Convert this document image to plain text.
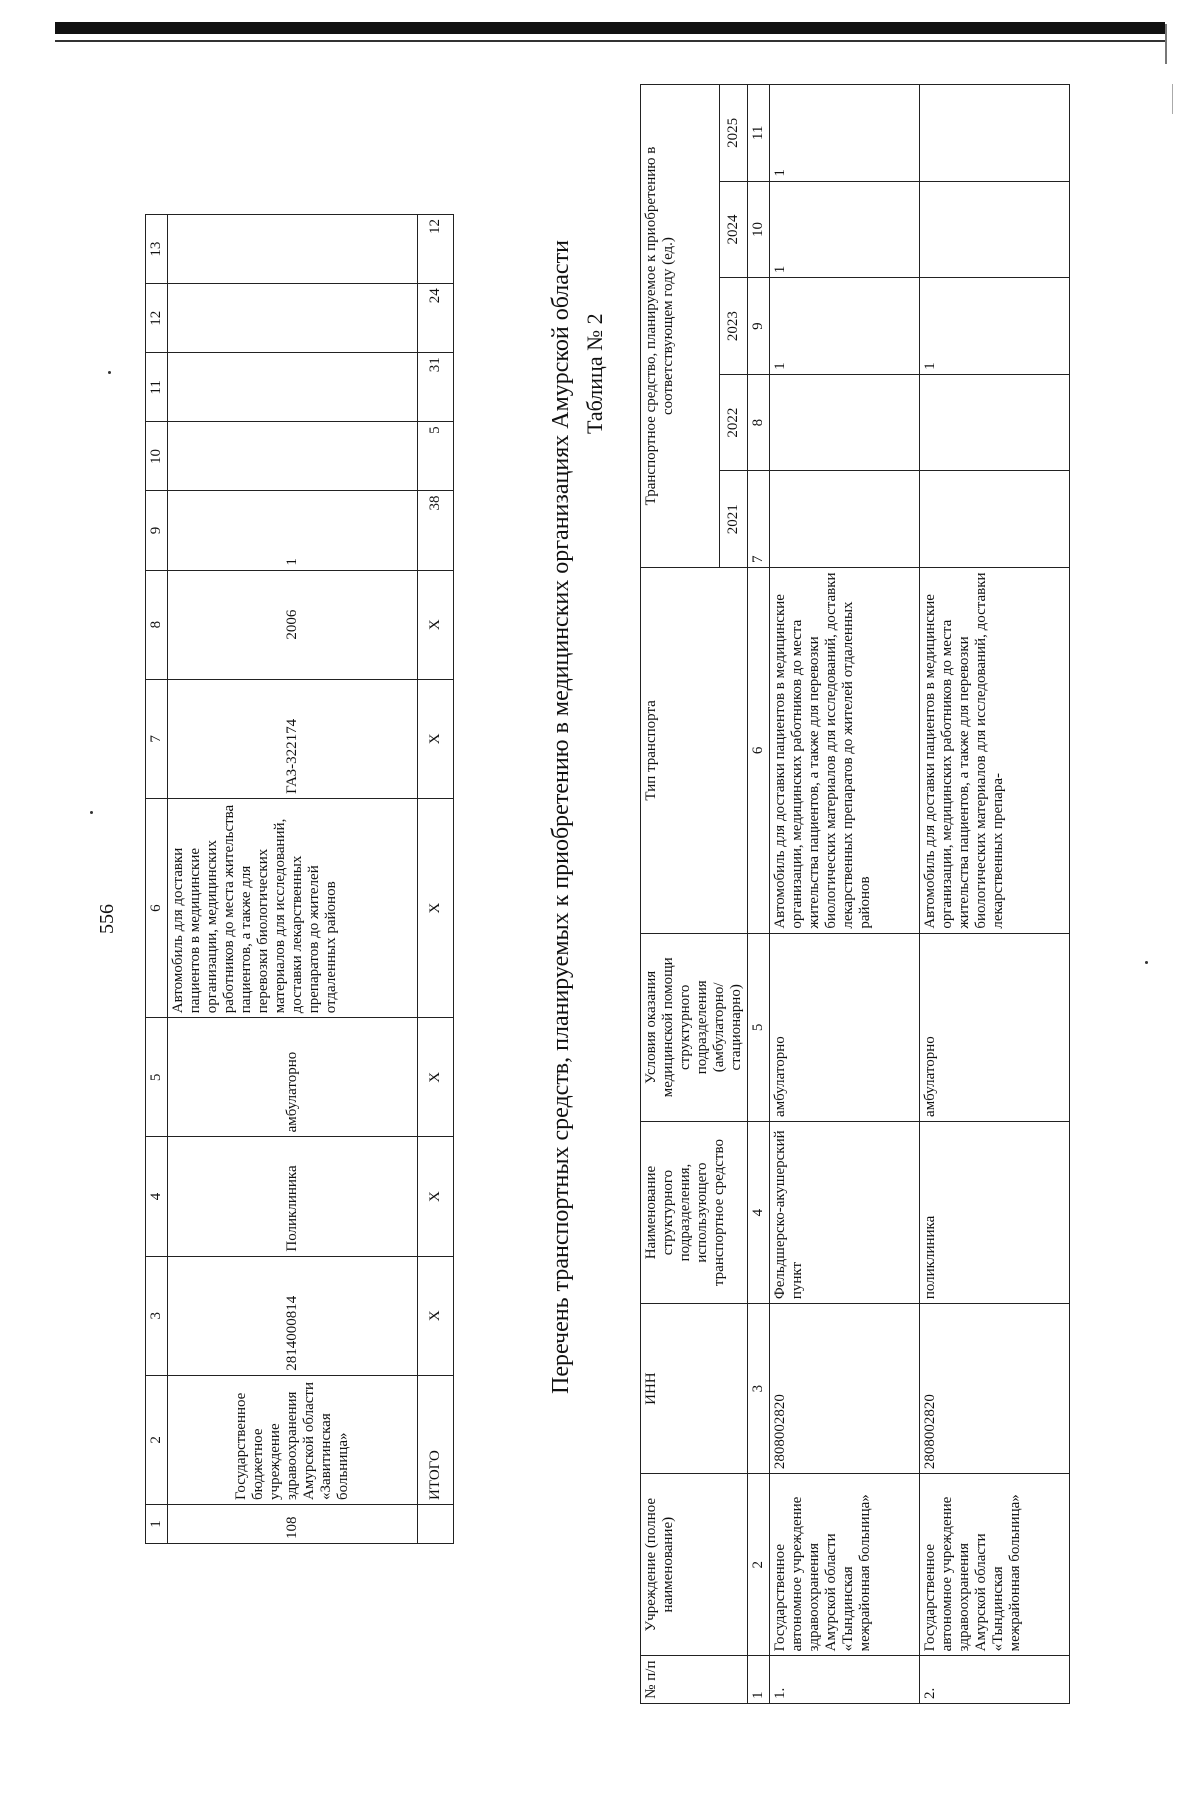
556
1	2	3	4	5	6	7	8	9	10	11	12	13
108	Государственное бюджетное учреждение здравоохранения Амурской области «Завитинская больница»	2814000814	Поликлиника	амбулаторно	Автомобиль для доставки пациентов в медицинские организации, медицинских работников до места жительства пациентов, а также для перевозки биологических материалов для исследований, доставки лекарственных препаратов до жителей отдаленных районов	ГАЗ-322174	2006	1				
	ИТОГО	X	X	X	X	X	X	38	5	31	24	12
Перечень транспортных средств, планируемых к приобретению в медицинских организациях Амурской области Таблица № 2
№ п/п	Учреждение (полное наименование)	ИНН	Наименование структурного подразделения, использующего транспортное средство	Условия оказания медицинской помощи структурного подразделения (амбулаторно/ стационарно)	Тип транспорта	Транспортное средство, планируемое к приобретению в соответствующем году (ед.)				
						2021	2022	2023	2024	2025
1	2	3	4	5	6	7	8	9	10	11
1.	Государственное автономное учреждение здравоохранения Амурской области «Тындинская межрайонная больница»	2808002820	Фельдшерско-акушерский пункт	амбулаторно	Автомобиль для доставки пациентов в медицинские организации, медицинских работников до места жительства пациентов, а также для перевозки биологических материалов для исследований, доставки лекарственных препаратов до жителей отдаленных районов			1	1	1
2.	Государственное автономное учреждение здравоохранения Амурской области «Тындинская межрайонная больница»	2808002820	поликлиника	амбулаторно	Автомобиль для доставки пациентов в медицинские организации, медицинских работников до места жительства пациентов, а также для перевозки биологических материалов для исследований, доставки лекарственных препара-			1		
